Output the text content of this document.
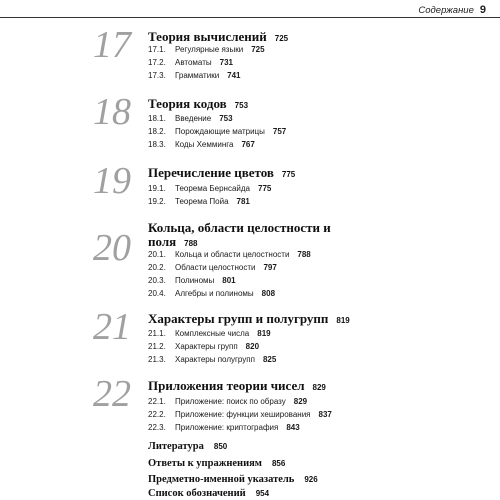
Содержание 9
17 Теория вычислений 725
17.1. Регулярные языки 725
17.2. Автоматы 731
17.3. Грамматики 741
18 Теория кодов 753
18.1. Введение 753
18.2. Порождающие матрицы 757
18.3. Коды Хемминга 767
19 Перечисление цветов 775
19.1. Теорема Бернсайда 775
19.2. Теорема Пойа 781
20 Кольца, области целостности и поля 788
20.1. Кольца и области целостности 788
20.2. Области целостности 797
20.3. Полиномы 801
20.4. Алгебры и полиномы 808
21 Характеры групп и полугрупп 819
21.1. Комплексные числа 819
21.2. Характеры групп 820
21.3. Характеры полугрупп 825
22 Приложения теории чисел 829
22.1. Приложение: поиск по образу 829
22.2. Приложение: функции хеширования 837
22.3. Приложение: криптография 843
Литература 850
Ответы к упражнениям 856
Предметно-именной указатель 926
Список обозначений 954
